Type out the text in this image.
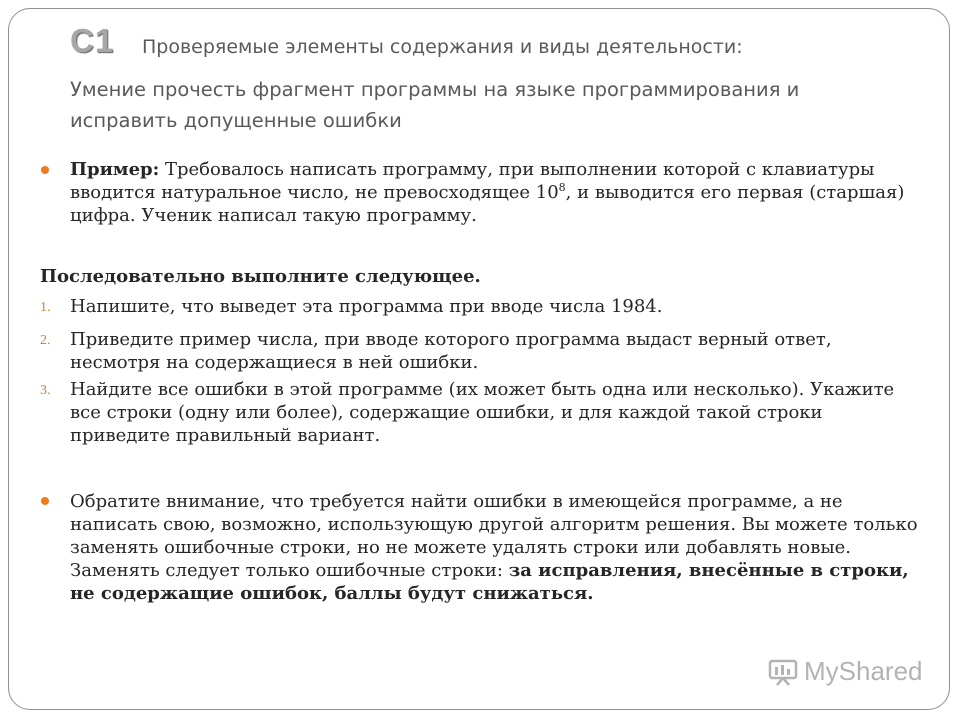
С1 Проверяемые элементы содержания и виды деятельности:
Умение прочесть фрагмент программы на языке программирования и исправить допущенные ошибки
Пример: Требовалось написать программу, при выполнении которой с клавиатуры вводится натуральное число, не превосходящее $10^8$, и выводится его первая (старшая) цифра. Ученик написал такую программу.
Последовательно выполните следующее.
1. Напишите, что выведет эта программа при вводе числа 1984.
2. Приведите пример числа, при вводе которого программа выдаст верный ответ, несмотря на содержащиеся в ней ошибки.
3. Найдите все ошибки в этой программе (их может быть одна или несколько). Укажите все строки (одну или более), содержащие ошибки, и для каждой такой строки приведите правильный вариант.
Обратите внимание, что требуется найти ошибки в имеющейся программе, а не написать свою, возможно, использующую другой алгоритм решения. Вы можете только заменять ошибочные строки, но не можете удалять строки или добавлять новые. Заменять следует только ошибочные строки: за исправления, внесённые в строки, не содержащие ошибок, баллы будут снижаться.
MyShared
